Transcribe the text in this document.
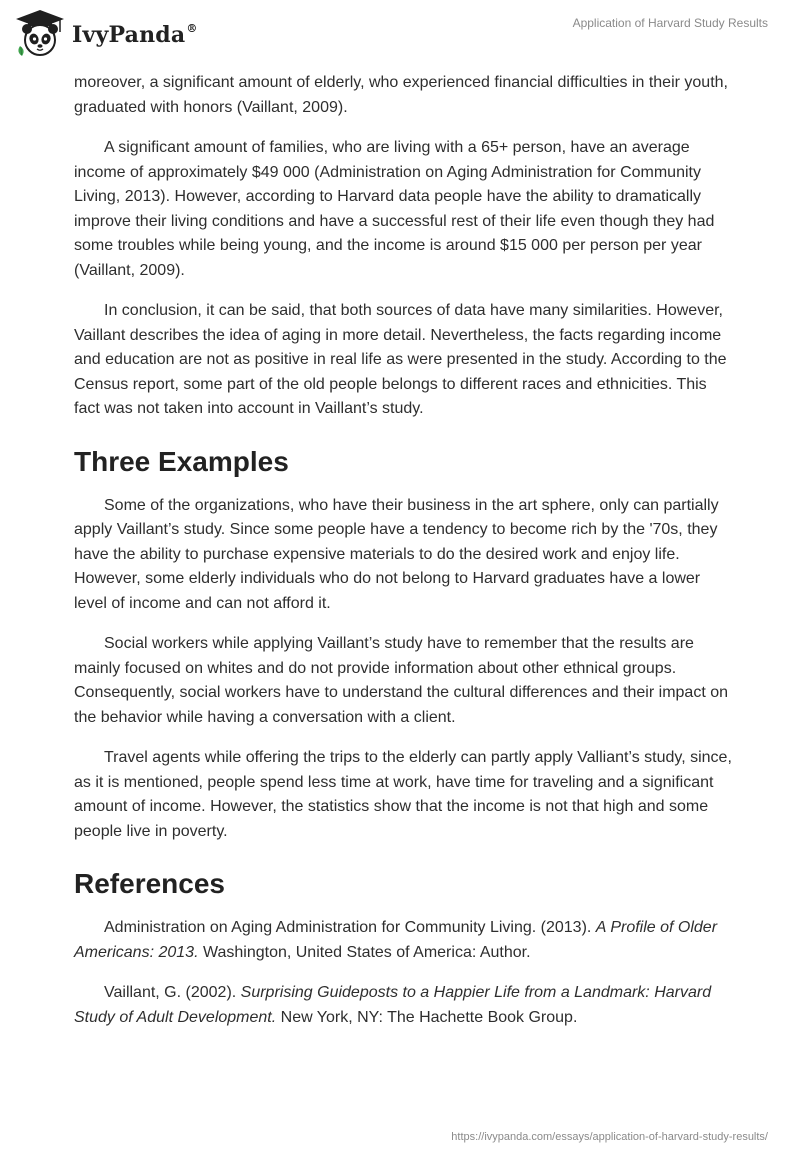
IvyPanda®	Application of Harvard Study Results

moreover, a significant amount of elderly, who experienced financial difficulties in their youth, graduated with honors (Vaillant, 2009).

A significant amount of families, who are living with a 65+ person, have an average income of approximately $49 000 (Administration on Aging Administration for Community Living, 2013). However, according to Harvard data people have the ability to dramatically improve their living conditions and have a successful rest of their life even though they had some troubles while being young, and the income is around $15 000 per person per year (Vaillant, 2009).

In conclusion, it can be said, that both sources of data have many similarities. However, Vaillant describes the idea of aging in more detail. Nevertheless, the facts regarding income and education are not as positive in real life as were presented in the study. According to the Census report, some part of the old people belongs to different races and ethnicities. This fact was not taken into account in Vaillant’s study.

Three Examples

Some of the organizations, who have their business in the art sphere, only can partially apply Vaillant’s study. Since some people have a tendency to become rich by the '70s, they have the ability to purchase expensive materials to do the desired work and enjoy life. However, some elderly individuals who do not belong to Harvard graduates have a lower level of income and can not afford it.

Social workers while applying Vaillant’s study have to remember that the results are mainly focused on whites and do not provide information about other ethnical groups. Consequently, social workers have to understand the cultural differences and their impact on the behavior while having a conversation with a client.

Travel agents while offering the trips to the elderly can partly apply Valliant’s study, since, as it is mentioned, people spend less time at work, have time for traveling and a significant amount of income. However, the statistics show that the income is not that high and some people live in poverty.

References

Administration on Aging Administration for Community Living. (2013). A Profile of Older Americans: 2013. Washington, United States of America: Author.

Vaillant, G. (2002). Surprising Guideposts to a Happier Life from a Landmark: Harvard Study of Adult Development. New York, NY: The Hachette Book Group.

https://ivypanda.com/essays/application-of-harvard-study-results/
